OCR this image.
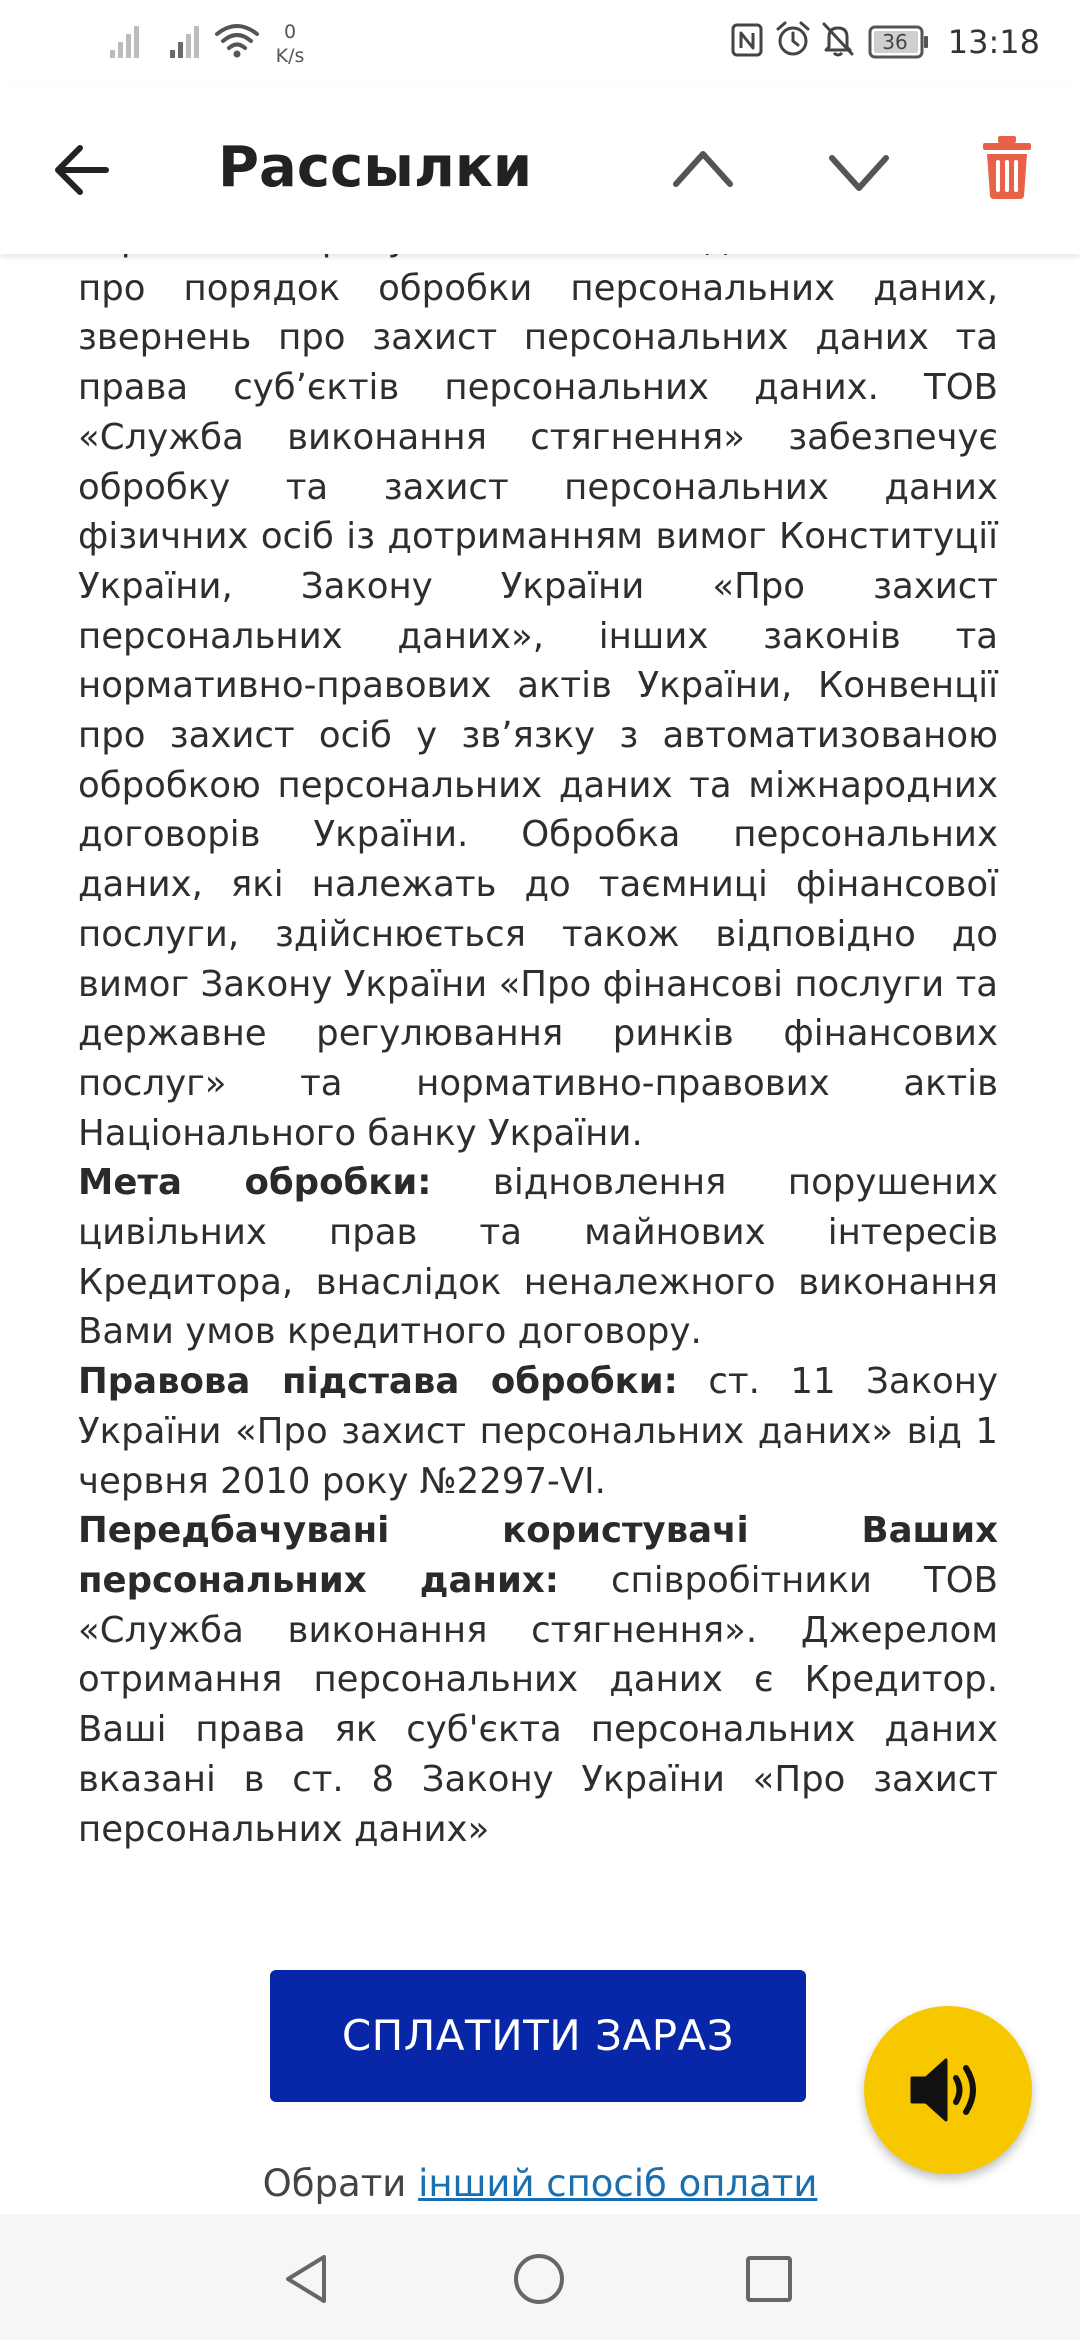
0
K/s
36	13:18
Рассылки

про порядок обробки персональних даних, звернень про захист персональних даних та права суб’єктів персональних даних. ТОВ «Служба виконання стягнення» забезпечує обробку та захист персональних даних фізичних осіб із дотриманням вимог Конституції України, Закону України «Про захист персональних даних», інших законів та нормативно-правових актів України, Конвенції про захист осіб у зв’язку з автоматизованою обробкою персональних даних та міжнародних договорів України. Обробка персональних даних, які належать до таємниці фінансової послуги, здійснюється також відповідно до вимог Закону України «Про фінансові послуги та державне регулювання ринків фінансових послуг» та нормативно-правових актів Національного банку України.

Мета обробки: відновлення порушених цивільних прав та майнових інтересів Кредитора, внаслідок неналежного виконання Вами умов кредитного договору.

Правова підстава обробки: ст. 11 Закону України «Про захист персональних даних» від 1 червня 2010 року №2297-VI.

Передбачувані користувачі Ваших персональних даних: співробітники ТОВ «Служба виконання стягнення». Джерелом отримання персональних даних є Кредитор. Ваші права як суб'єкта персональних даних вказані в ст. 8 Закону України «Про захист персональних даних»

СПЛАТИТИ ЗАРАЗ
Обрати інший спосіб оплати
